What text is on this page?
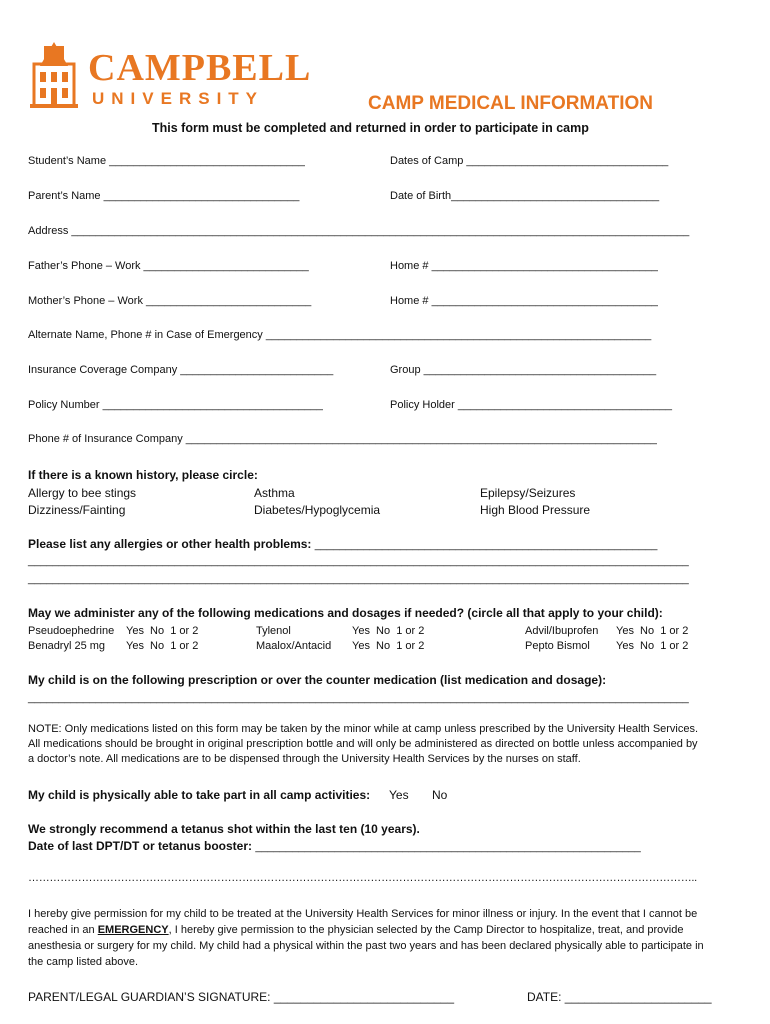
CAMPBELL
UNIVERSITY	CAMP MEDICAL INFORMATION
This form must be completed and returned in order to participate in camp
Student’s Name ________________________________	Dates of Camp _________________________________
Parent’s Name ________________________________	Date of Birth__________________________________
Address _____________________________________________________________________________________________________
Father’s Phone – Work ___________________________	Home # _____________________________________
Mother’s Phone – Work ___________________________	Home # _____________________________________
Alternate Name, Phone # in Case of Emergency _______________________________________________________________
Insurance Coverage Company _________________________	Group ______________________________________
Policy Number ____________________________________	Policy Holder ___________________________________
Phone # of Insurance Company _____________________________________________________________________________
If there is a known history, please circle:
Allergy to bee stings	Asthma	Epilepsy/Seizures
Dizziness/Fainting	Diabetes/Hypoglycemia	High Blood Pressure
Please list any allergies or other health problems: ________________________________________________________
____________________________________________________________________________________________________________
____________________________________________________________________________________________________________
May we administer any of the following medications and dosages if needed? (circle all that apply to your child):
Pseudoephedrine Yes  No  1 or 2	Tylenol	Yes  No  1 or 2	Advil/Ibuprofen Yes  No  1 or 2
Benadryl 25 mg Yes  No  1 or 2	Maalox/Antacid Yes  No  1 or 2	Pepto Bismol Yes  No  1 or 2
My child is on the following prescription or over the counter medication (list medication and dosage):
____________________________________________________________________________________________________________
NOTE: Only medications listed on this form may be taken by the minor while at camp unless prescribed by the University Health Services.
All medications should be brought in original prescription bottle and will only be administered as directed on bottle unless accompanied by
a doctor’s note. All medications are to be dispensed through the University Health Services by the nurses on staff.
My child is physically able to take part in all camp activities: Yes No
We strongly recommend a tetanus shot within the last ten (10 years).
Date of last DPT/DT or tetanus booster: _______________________________________________________________
……………………………………………………………………………………………………………………………………………………………………..
I hereby give permission for my child to be treated at the University Health Services for minor illness or injury. In the event that I cannot be
reached in an EMERGENCY, I hereby give permission to the physician selected by the Camp Director to hospitalize, treat, and provide
anesthesia or surgery for my child. My child had a physical within the past two years and has been declared physically able to participate in
the camp listed above.
PARENT/LEGAL GUARDIAN’S SIGNATURE: ___________________________	DATE: ______________________
